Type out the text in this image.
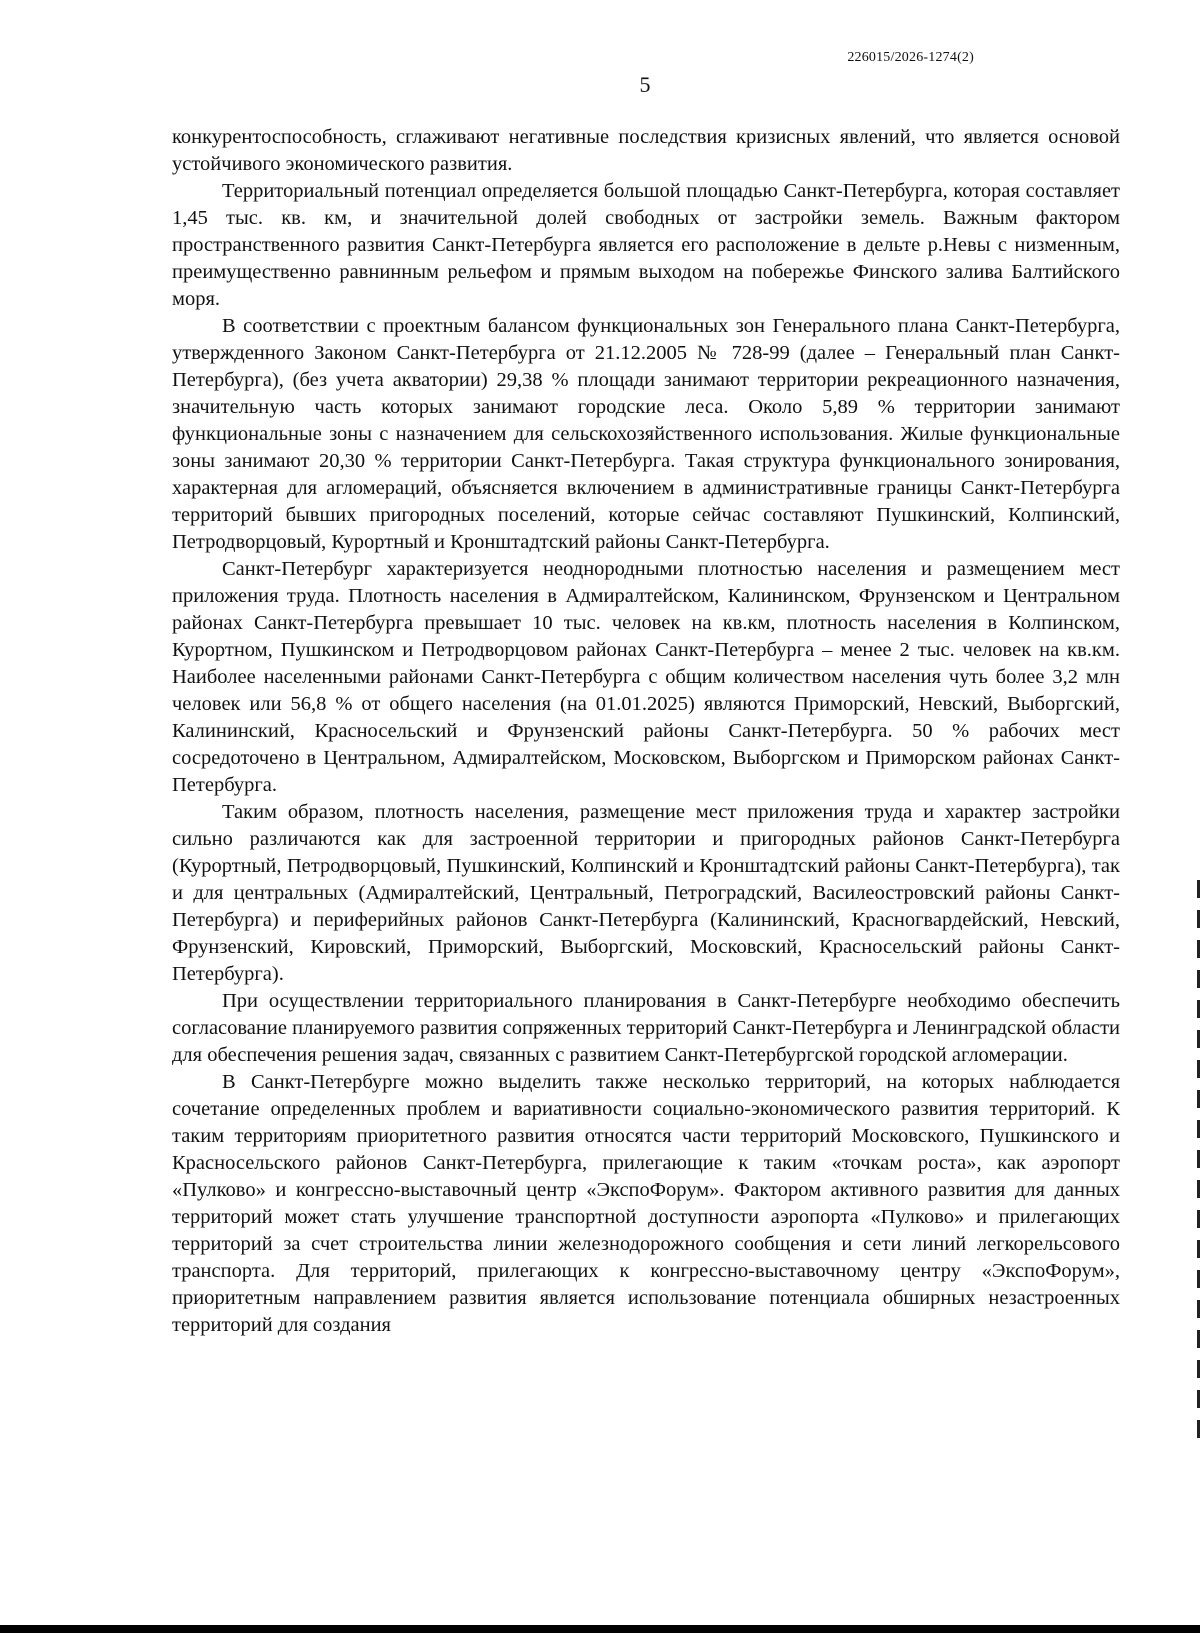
226015/2026-1274(2)
5

конкурентоспособность, сглаживают негативные последствия кризисных явлений, что является основой устойчивого экономического развития.

Территориальный потенциал определяется большой площадью Санкт-Петербурга, которая составляет 1,45 тыс. кв. км, и значительной долей свободных от застройки земель. Важным фактором пространственного развития Санкт-Петербурга является его расположение в дельте р.Невы с низменным, преимущественно равнинным рельефом и прямым выходом на побережье Финского залива Балтийского моря.

В соответствии с проектным балансом функциональных зон Генерального плана Санкт-Петербурга, утвержденного Законом Санкт-Петербурга от 21.12.2005 № 728-99 (далее – Генеральный план Санкт-Петербурга), (без учета акватории) 29,38 % площади занимают территории рекреационного назначения, значительную часть которых занимают городские леса. Около 5,89 % территории занимают функциональные зоны с назначением для сельскохозяйственного использования. Жилые функциональные зоны занимают 20,30 % территории Санкт-Петербурга. Такая структура функционального зонирования, характерная для агломераций, объясняется включением в административные границы Санкт-Петербурга территорий бывших пригородных поселений, которые сейчас составляют Пушкинский, Колпинский, Петродворцовый, Курортный и Кронштадтский районы Санкт-Петербурга.

Санкт-Петербург характеризуется неоднородными плотностью населения и размещением мест приложения труда. Плотность населения в Адмиралтейском, Калининском, Фрунзенском и Центральном районах Санкт-Петербурга превышает 10 тыс. человек на кв.км, плотность населения в Колпинском, Курортном, Пушкинском и Петродворцовом районах Санкт-Петербурга – менее 2 тыс. человек на кв.км. Наиболее населенными районами Санкт-Петербурга с общим количеством населения чуть более 3,2 млн человек или 56,8 % от общего населения (на 01.01.2025) являются Приморский, Невский, Выборгский, Калининский, Красносельский и Фрунзенский районы Санкт-Петербурга. 50 % рабочих мест сосредоточено в Центральном, Адмиралтейском, Московском, Выборгском и Приморском районах Санкт-Петербурга.

Таким образом, плотность населения, размещение мест приложения труда и характер застройки сильно различаются как для застроенной территории и пригородных районов Санкт-Петербурга (Курортный, Петродворцовый, Пушкинский, Колпинский и Кронштадтский районы Санкт-Петербурга), так и для центральных (Адмиралтейский, Центральный, Петроградский, Василеостровский районы Санкт-Петербурга) и периферийных районов Санкт-Петербурга (Калининский, Красногвардейский, Невский, Фрунзенский, Кировский, Приморский, Выборгский, Московский, Красносельский районы Санкт-Петербурга).

При осуществлении территориального планирования в Санкт-Петербурге необходимо обеспечить согласование планируемого развития сопряженных территорий Санкт-Петербурга и Ленинградской области для обеспечения решения задач, связанных с развитием Санкт-Петербургской городской агломерации.

В Санкт-Петербурге можно выделить также несколько территорий, на которых наблюдается сочетание определенных проблем и вариативности социально-экономического развития территорий. К таким территориям приоритетного развития относятся части территорий Московского, Пушкинского и Красносельского районов Санкт-Петербурга, прилегающие к таким «точкам роста», как аэропорт «Пулково» и конгрессно-выставочный центр «ЭкспоФорум». Фактором активного развития для данных территорий может стать улучшение транспортной доступности аэропорта «Пулково» и прилегающих территорий за счет строительства линии железнодорожного сообщения и сети линий легкорельсового транспорта. Для территорий, прилегающих к конгрессно-выставочному центру «ЭкспоФорум», приоритетным направлением развития является использование потенциала обширных незастроенных территорий для создания
